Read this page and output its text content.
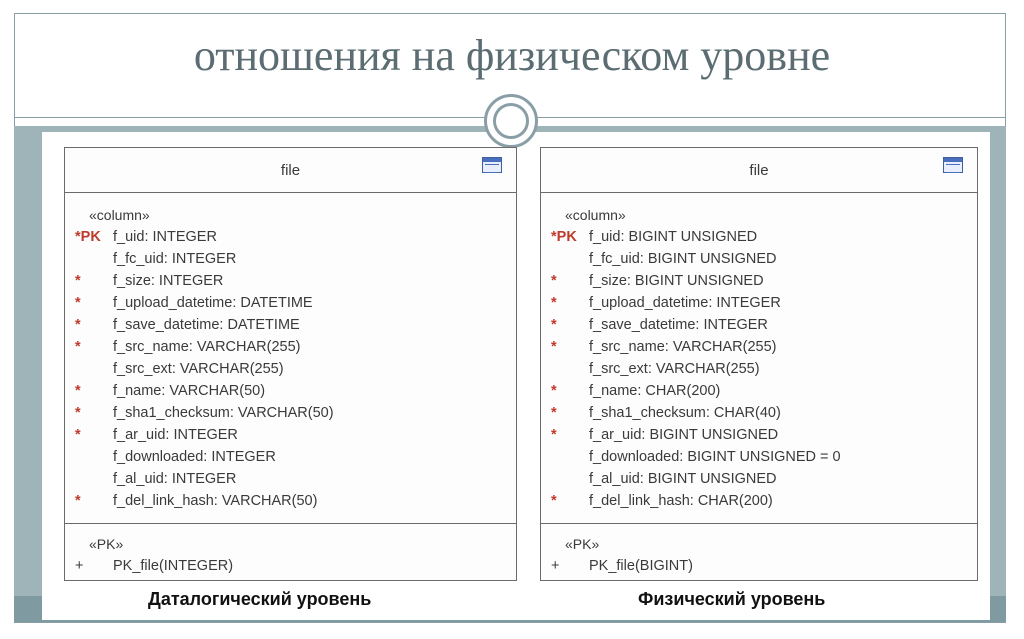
отношения на физическом уровне
file
«column»
*PK f_uid: INTEGER
f_fc_uid: INTEGER
* f_size: INTEGER
* f_upload_datetime: DATETIME
* f_save_datetime: DATETIME
* f_src_name: VARCHAR(255)
f_src_ext: VARCHAR(255)
* f_name: VARCHAR(50)
* f_sha1_checksum: VARCHAR(50)
* f_ar_uid: INTEGER
f_downloaded: INTEGER
f_al_uid: INTEGER
* f_del_link_hash: VARCHAR(50)
«PK»
+ PK_file(INTEGER)
file
«column»
*PK f_uid: BIGINT UNSIGNED
f_fc_uid: BIGINT UNSIGNED
* f_size: BIGINT UNSIGNED
* f_upload_datetime: INTEGER
* f_save_datetime: INTEGER
* f_src_name: VARCHAR(255)
f_src_ext: VARCHAR(255)
* f_name: CHAR(200)
* f_sha1_checksum: CHAR(40)
* f_ar_uid: BIGINT UNSIGNED
f_downloaded: BIGINT UNSIGNED = 0
f_al_uid: BIGINT UNSIGNED
* f_del_link_hash: CHAR(200)
«PK»
+ PK_file(BIGINT)
Даталогический уровень	Физический уровень
